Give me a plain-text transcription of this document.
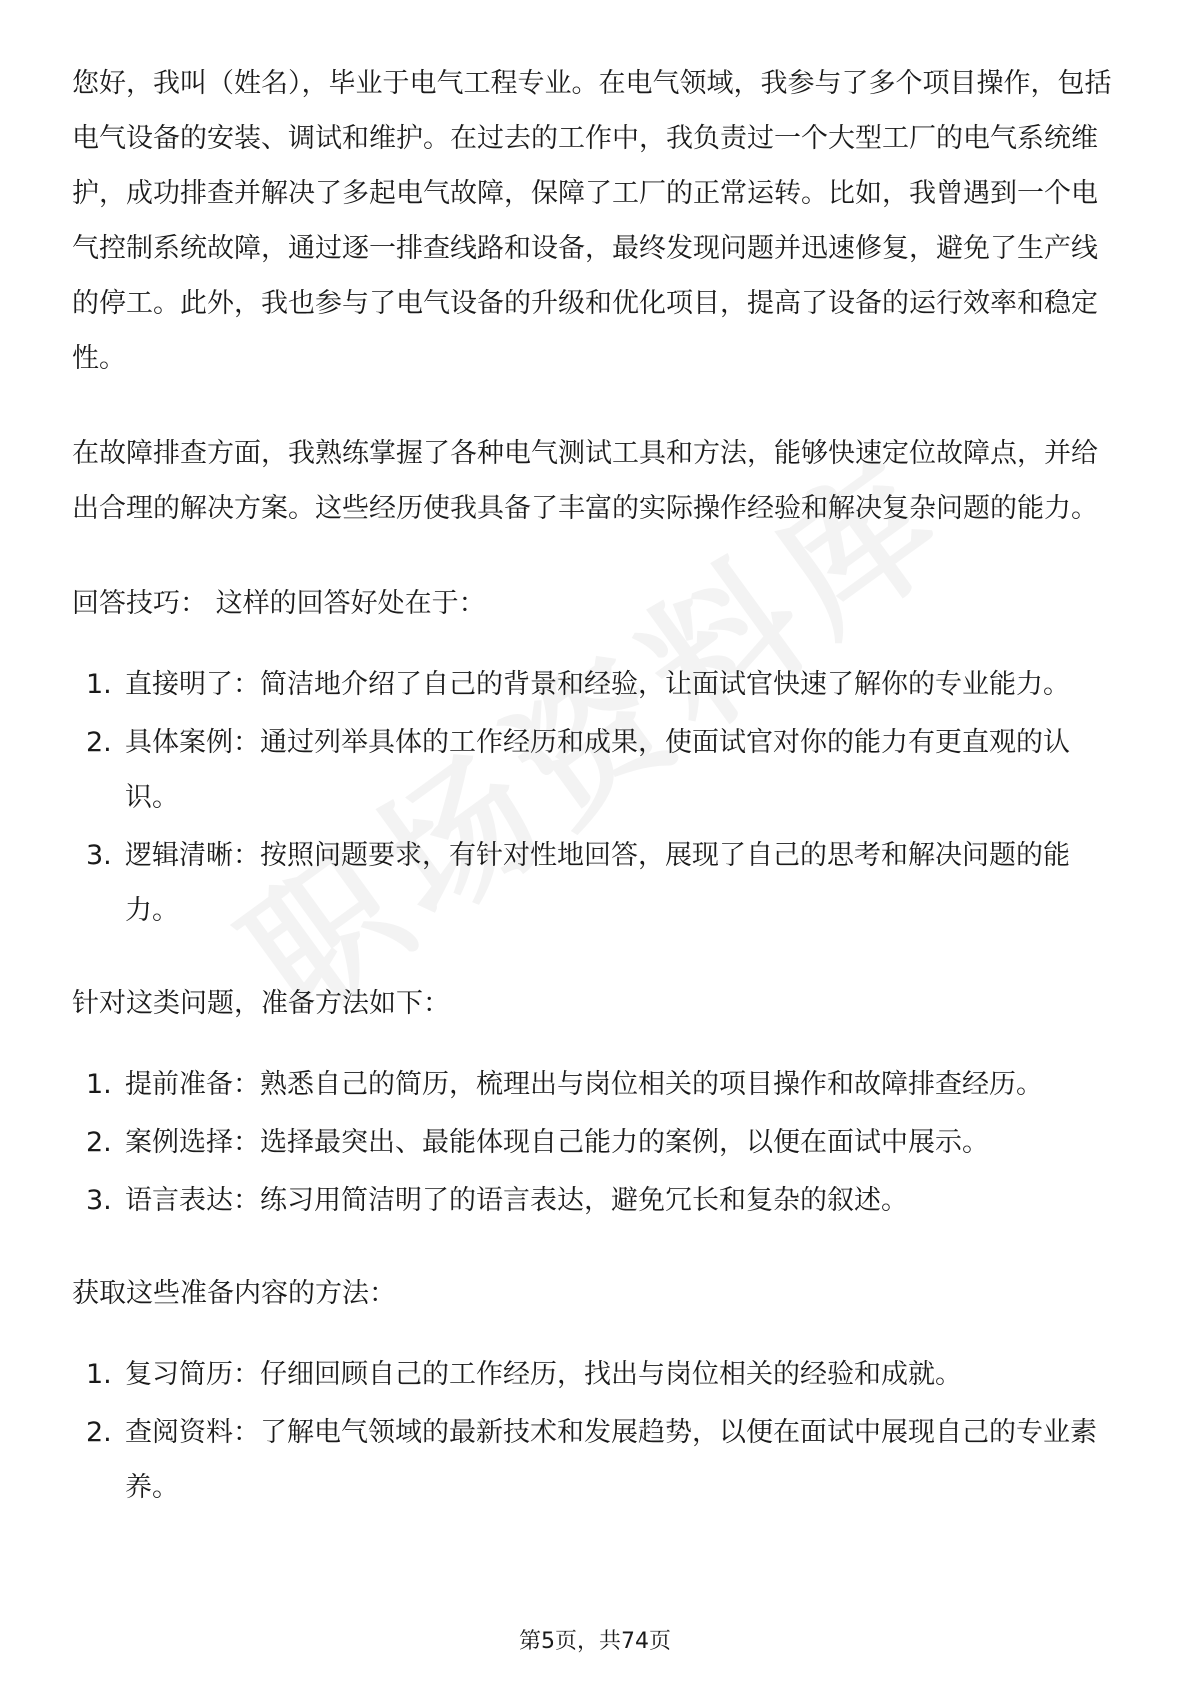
您好，我叫（姓名），毕业于电气工程专业。在电气领域，我参与了多个项目操作，包括电气设备的安装、调试和维护。在过去的工作中，我负责过一个大型工厂的电气系统维护，成功排查并解决了多起电气故障，保障了工厂的正常运转。比如，我曾遇到一个电气控制系统故障，通过逐一排查线路和设备，最终发现问题并迅速修复，避免了生产线的停工。此外，我也参与了电气设备的升级和优化项目，提高了设备的运行效率和稳定性。

在故障排查方面，我熟练掌握了各种电气测试工具和方法，能够快速定位故障点，并给出合理的解决方案。这些经历使我具备了丰富的实际操作经验和解决复杂问题的能力。

回答技巧： 这样的回答好处在于：
1. 直接明了：简洁地介绍了自己的背景和经验，让面试官快速了解你的专业能力。
2. 具体案例：通过列举具体的工作经历和成果，使面试官对你的能力有更直观的认识。
3. 逻辑清晰：按照问题要求，有针对性地回答，展现了自己的思考和解决问题的能力。
针对这类问题，准备方法如下：
1. 提前准备：熟悉自己的简历，梳理出与岗位相关的项目操作和故障排查经历。
2. 案例选择：选择最突出、最能体现自己能力的案例，以便在面试中展示。
3. 语言表达：练习用简洁明了的语言表达，避免冗长和复杂的叙述。
获取这些准备内容的方法：
1. 复习简历：仔细回顾自己的工作经历，找出与岗位相关的经验和成就。
2. 查阅资料：了解电气领域的最新技术和发展趋势，以便在面试中展现自己的专业素养。
第5页，共74页
